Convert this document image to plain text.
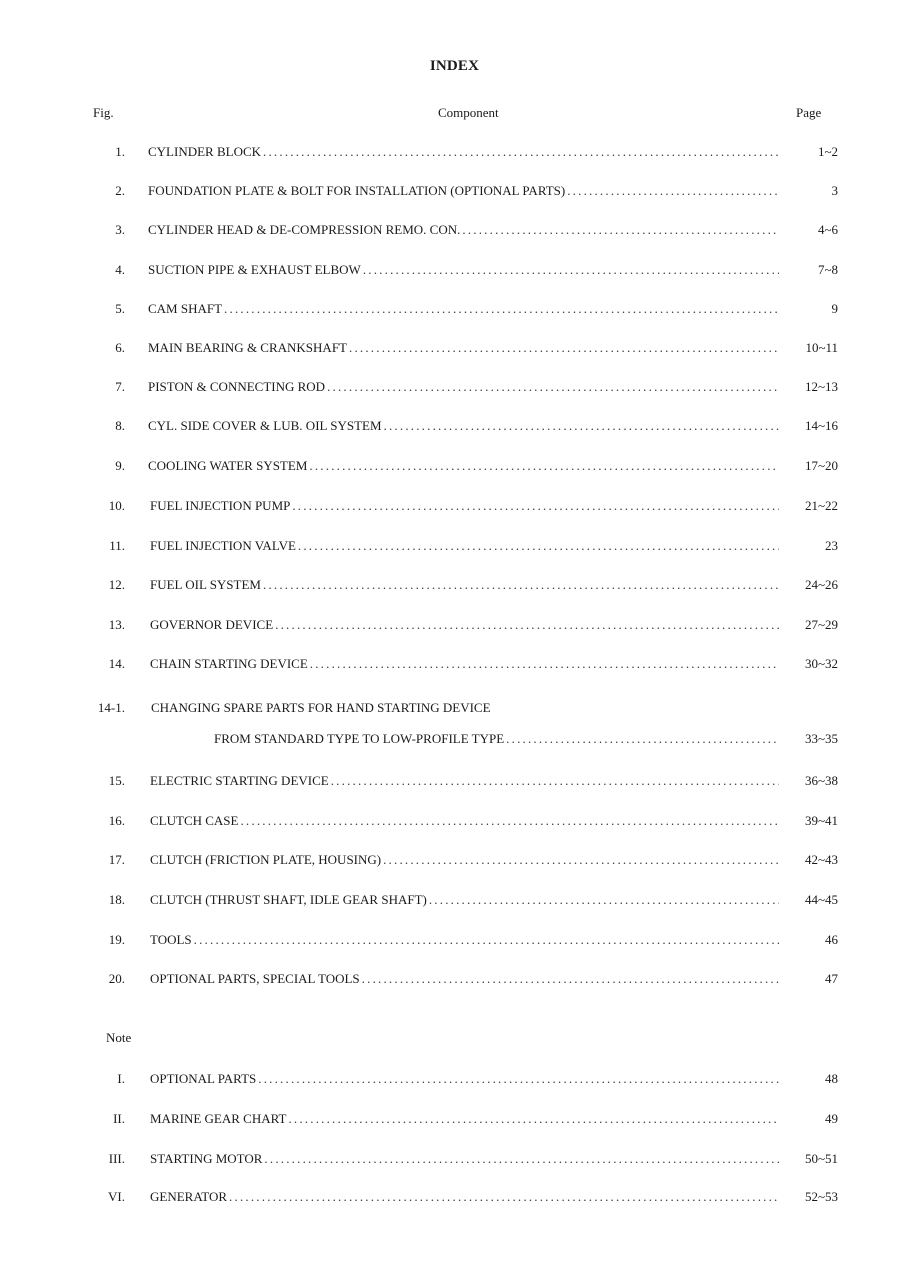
INDEX
Fig.	Component	Page
1. CYLINDER BLOCK .....	1~2
2. FOUNDATION PLATE & BOLT FOR INSTALLATION (OPTIONAL PARTS) .....	3
3. CYLINDER HEAD & DE-COMPRESSION REMO. CON. .....	4~6
4. SUCTION PIPE & EXHAUST ELBOW .....	7~8
5. CAM SHAFT .....	9
6. MAIN BEARING & CRANKSHAFT .....	10~11
7. PISTON & CONNECTING ROD .....	12~13
8. CYL. SIDE COVER & LUB. OIL SYSTEM .....	14~16
9. COOLING WATER SYSTEM .....	17~20
10. FUEL INJECTION PUMP .....	21~22
11. FUEL INJECTION VALVE .....	23
12. FUEL OIL SYSTEM .....	24~26
13. GOVERNOR DEVICE .....	27~29
14. CHAIN STARTING DEVICE .....	30~32
14-1. CHANGING SPARE PARTS FOR HAND STARTING DEVICE
FROM STANDARD TYPE TO LOW-PROFILE TYPE .....	33~35
15. ELECTRIC STARTING DEVICE .....	36~38
16. CLUTCH CASE .....	39~41
17. CLUTCH (FRICTION PLATE, HOUSING) .....	42~43
18. CLUTCH (THRUST SHAFT, IDLE GEAR SHAFT) .....	44~45
19. TOOLS .....	46
20. OPTIONAL PARTS, SPECIAL TOOLS .....	47
Note
I. OPTIONAL PARTS .....	48
II. MARINE GEAR CHART .....	49
III. STARTING MOTOR .....	50~51
VI. GENERATOR .....	52~53
